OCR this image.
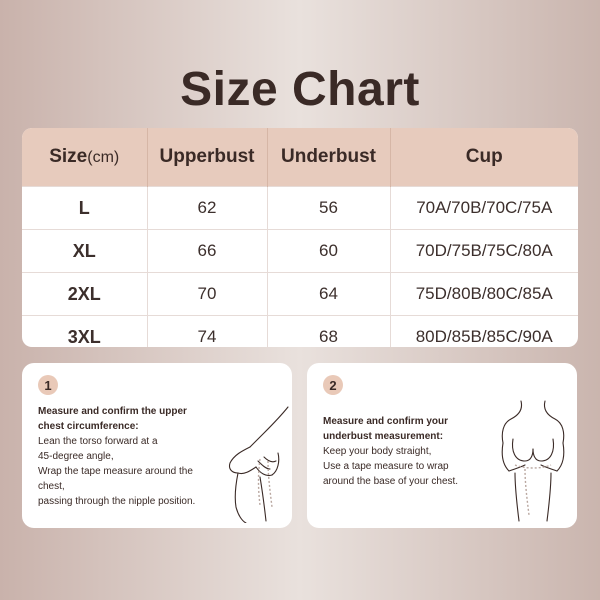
Size Chart
Size(cm)	Upperbust	Underbust	Cup
L	62	56	70A/70B/70C/75A
XL	66	60	70D/75B/75C/80A
2XL	70	64	75D/80B/80C/85A
3XL	74	68	80D/85B/85C/90A
1
Measure and confirm the upper
chest circumference:
Lean the torso forward at a
45-degree angle,
Wrap the tape measure around the
chest,
passing through the nipple position.
2
Measure and confirm your
underbust measurement:
Keep your body straight,
Use a tape measure to wrap
around the base of your chest.
